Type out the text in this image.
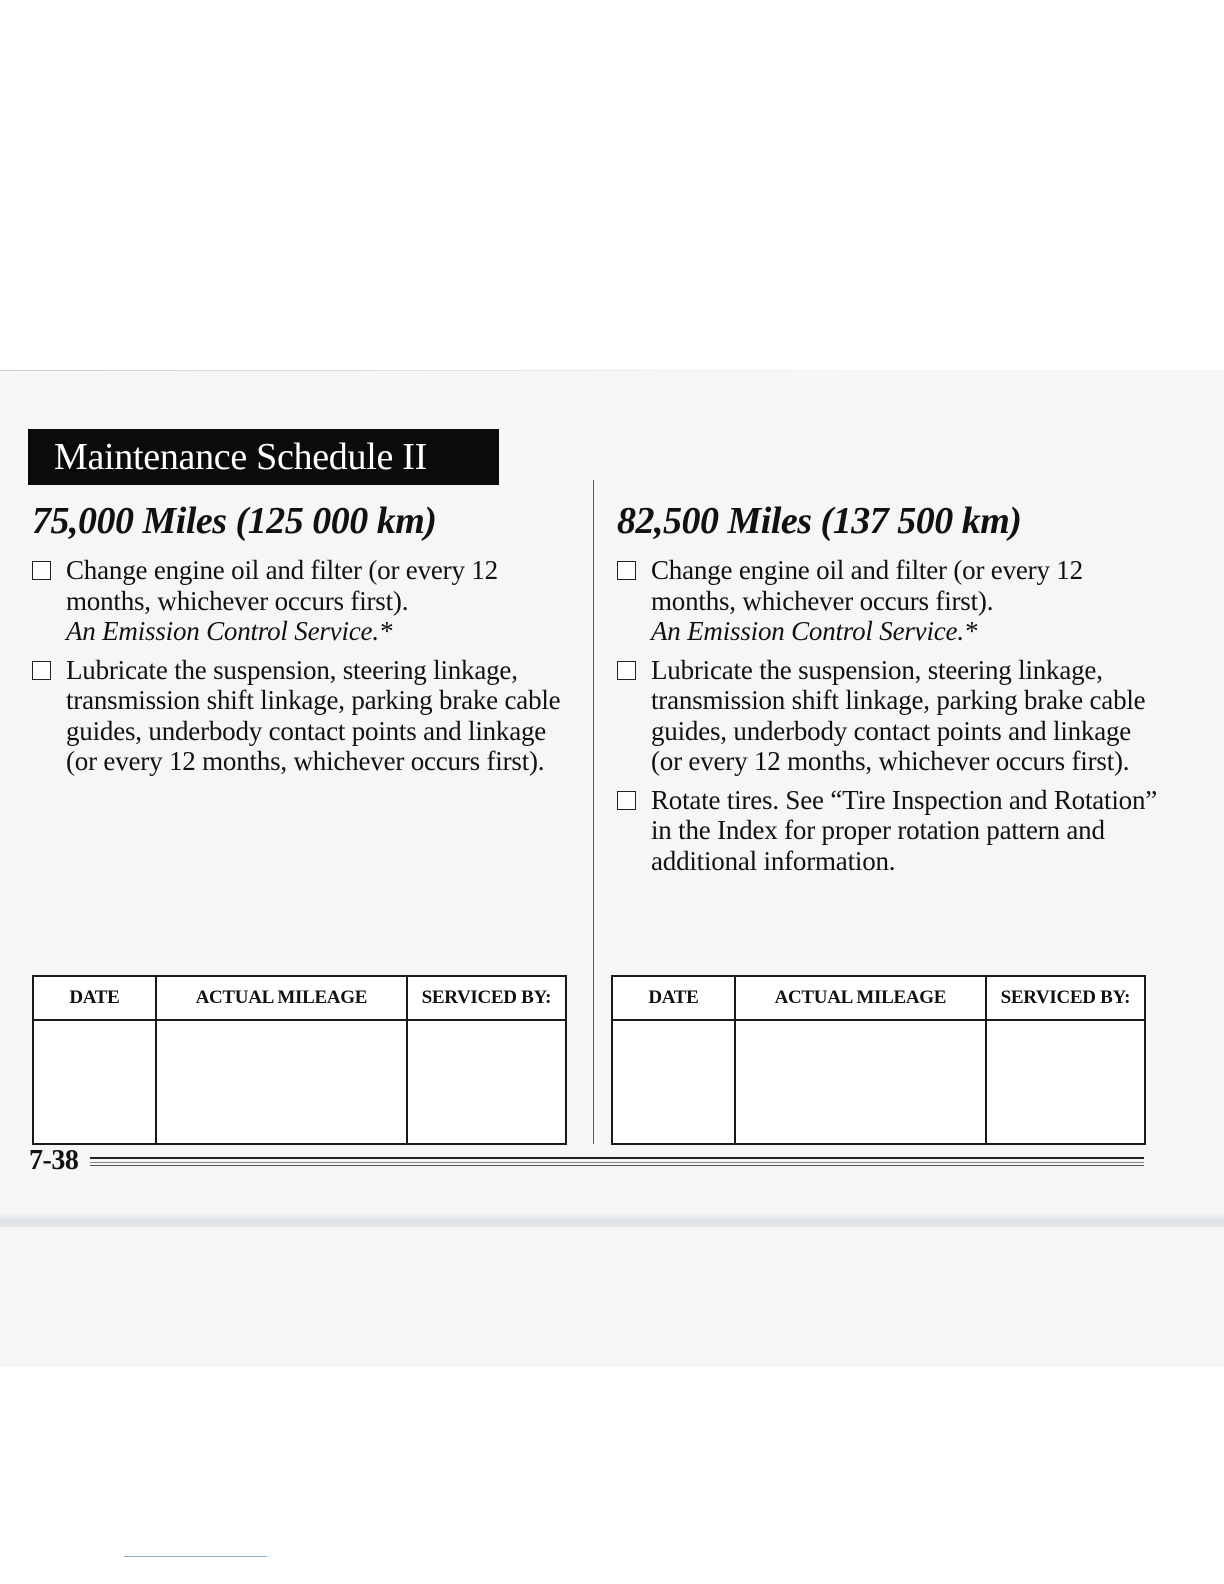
Maintenance Schedule II
75,000 Miles (125 000 km)
Change engine oil and filter (or every 12 months, whichever occurs first).
An Emission Control Service.*
Lubricate the suspension, steering linkage, transmission shift linkage, parking brake cable guides, underbody contact points and linkage (or every 12 months, whichever occurs first).
82,500 Miles (137 500 km)
Change engine oil and filter (or every 12 months, whichever occurs first).
An Emission Control Service.*
Lubricate the suspension, steering linkage, transmission shift linkage, parking brake cable guides, underbody contact points and linkage (or every 12 months, whichever occurs first).
Rotate tires. See “Tire Inspection and Rotation” in the Index for proper rotation pattern and additional information.
DATE	ACTUAL MILEAGE	SERVICED BY:
			DATE	ACTUAL MILEAGE	SERVICED BY:

7-38
